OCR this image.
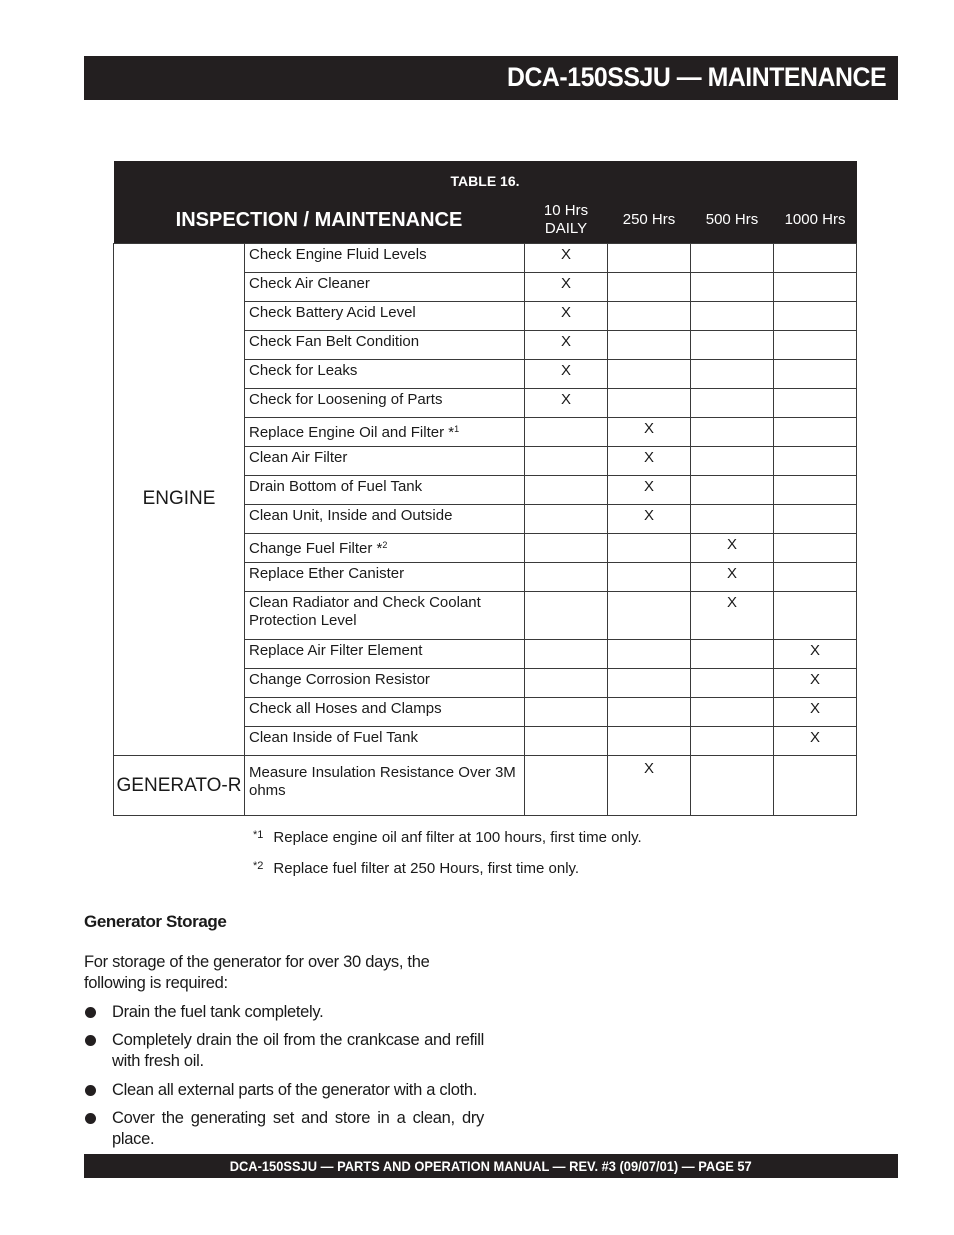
DCA-150SSJU — MAINTENANCE
TABLE 16.					
INSPECTION / MAINTENANCE		10 Hrs DAILY	250 Hrs	500 Hrs	1000 Hrs
ENGINE	Check Engine Fluid Levels	X			
	Check Air Cleaner	X			
	Check Battery Acid Level	X			
	Check Fan Belt Condition	X			
	Check for Leaks	X			
	Check for Loosening of Parts	X			
	Replace Engine Oil and Filter *$^1$		X		
	Clean Air Filter		X		
	Drain Bottom of Fuel Tank		X		
	Clean Unit, Inside and Outside		X		
	Change Fuel Filter *$^2$			X	
	Replace Ether Canister			X	
	Clean Radiator and Check Coolant Protection Level			X	
	Replace Air Filter Element				X
	Change Corrosion Resistor				X
	Check all Hoses and Clamps				X
	Clean Inside of Fuel Tank				X
GENERATO-R	Measure Insulation Resistance Over 3M ohms		X		
$^{*1}$ Replace engine oil anf filter at 100 hours, first time only.
$^{*2}$ Replace fuel filter at 250 Hours, first time only.
Generator Storage

For storage of the generator for over 30 days, the following is required:

Drain the fuel tank completely.
Completely drain the oil from the crankcase and refill with fresh oil.
Clean all external parts of the generator with a cloth.
Cover the generating set and store in a clean, dry place.
DCA-150SSJU — PARTS AND OPERATION MANUAL — REV. #3 (09/07/01) — PAGE 57
